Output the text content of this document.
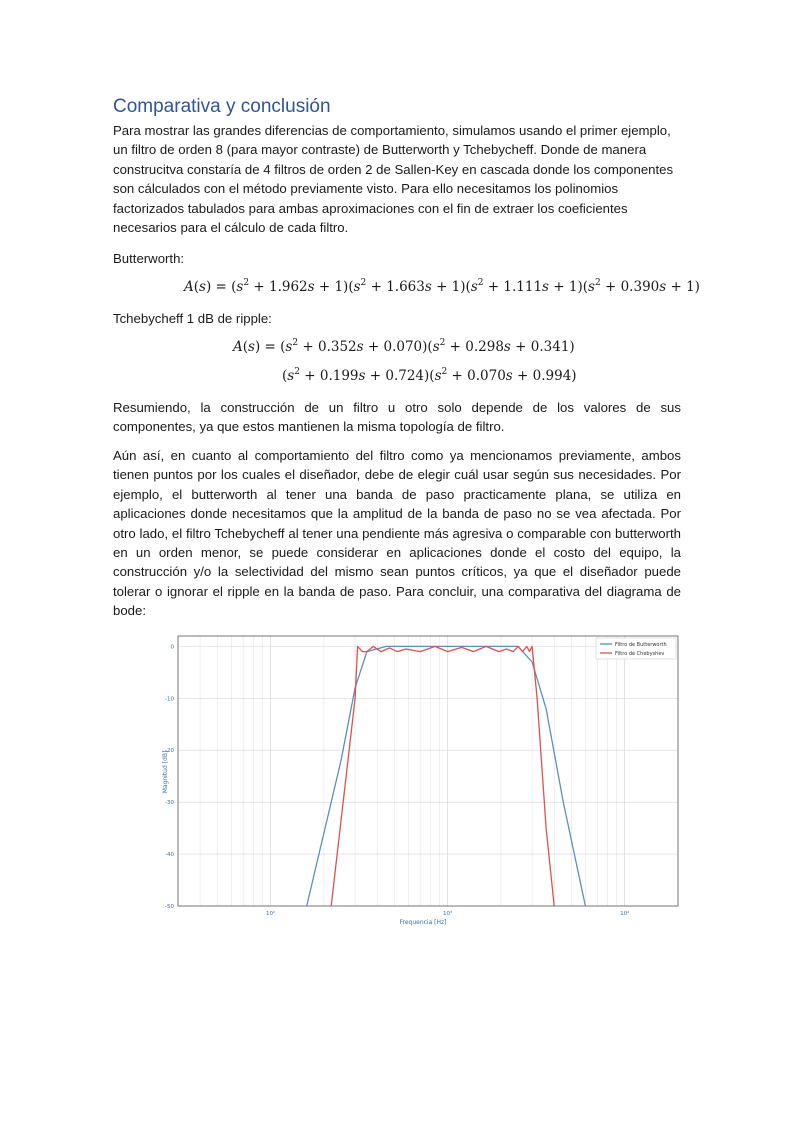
Comparativa y conclusión

Para mostrar las grandes diferencias de comportamiento, simulamos usando el primer ejemplo, un filtro de orden 8 (para mayor contraste) de Butterworth y Tchebycheff. Donde de manera construcitva constaría de 4 filtros de orden 2 de Sallen-Key en cascada donde los componentes son cálculados con el método previamente visto. Para ello necesitamos los polinomios factorizados tabulados para ambas aproximaciones con el fin de extraer los coeficientes necesarios para el cálculo de cada filtro.

Butterworth:

$A(s) = (s^2 + 1.962s + 1)(s^2 + 1.663s + 1)(s^2 + 1.111s + 1)(s^2 + 0.390s + 1)$

Tchebycheff 1 dB de ripple:

$A(s) = (s^2 + 0.352s + 0.070)(s^2 + 0.298s + 0.341)$
$(s^2 + 0.199s + 0.724)(s^2 + 0.070s + 0.994)$

Resumiendo, la construcción de un filtro u otro solo depende de los valores de sus componentes, ya que estos mantienen la misma topología de filtro.

Aún así, en cuanto al comportamiento del filtro como ya mencionamos previamente, ambos tienen puntos por los cuales el diseñador, debe de elegir cuál usar según sus necesidades. Por ejemplo, el butterworth al tener una banda de paso practicamente plana, se utiliza en aplicaciones donde necesitamos que la amplitud de la banda de paso no se vea afectada. Por otro lado, el filtro Tchebycheff al tener una pendiente más agresiva o comparable con butterworth en un orden menor, se puede considerar en aplicaciones donde el costo del equipo, la construcción y/o la selectividad del mismo sean puntos críticos, ya que el diseñador puede tolerar o ignorar el ripple en la banda de paso. Para concluir, una comparativa del diagrama de bode:

0
-10
-20
-30
-40
-50
10²	10³	10⁴
Frequencia [Hz]
Magnitud [dB]
Filtro de Butterworth
Filtro de Chebyshev
